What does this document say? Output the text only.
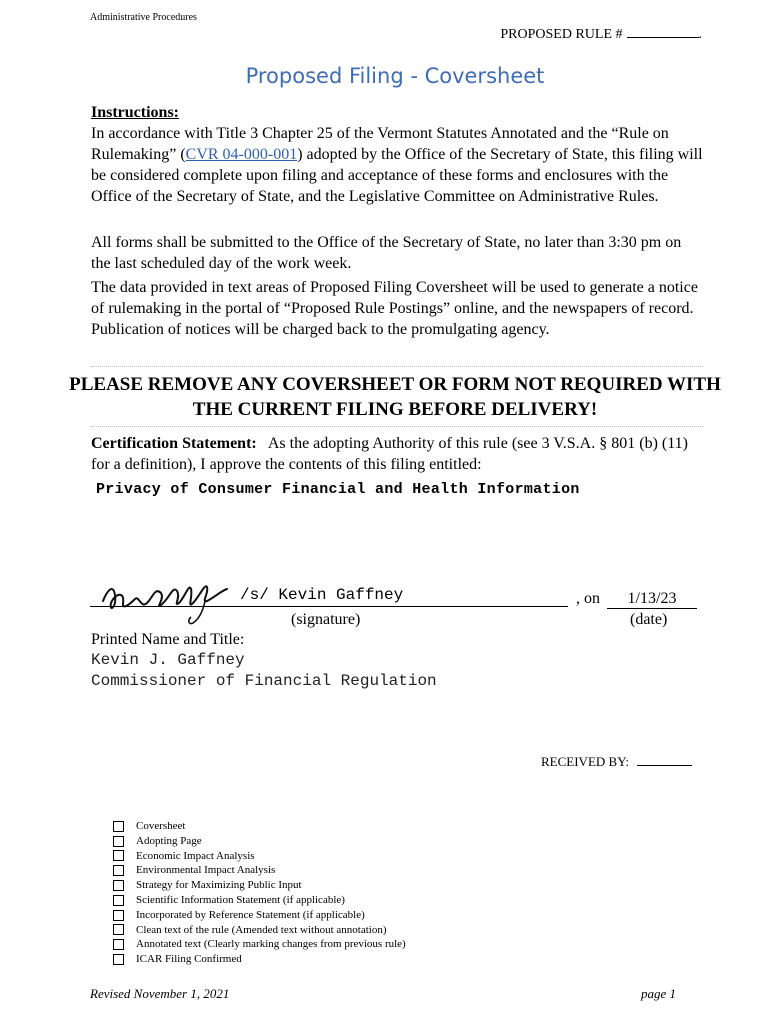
Administrative Procedures
PROPOSED RULE #	.
Proposed Filing - Coversheet
Instructions:
In accordance with Title 3 Chapter 25 of the Vermont Statutes Annotated and the “Rule on Rulemaking” (CVR 04-000-001) adopted by the Office of the Secretary of State, this filing will be considered complete upon filing and acceptance of these forms and enclosures with the Office of the Secretary of State, and the Legislative Committee on Administrative Rules.
All forms shall be submitted to the Office of the Secretary of State, no later than 3:30 pm on the last scheduled day of the work week.
The data provided in text areas of Proposed Filing Coversheet will be used to generate a notice of rulemaking in the portal of “Proposed Rule Postings” online, and the newspapers of record. Publication of notices will be charged back to the promulgating agency.
PLEASE REMOVE ANY COVERSHEET OR FORM NOT REQUIRED WITH THE CURRENT FILING BEFORE DELIVERY!
Certification Statement: As the adopting Authority of this rule (see 3 V.S.A. § 801 (b) (11) for a definition), I approve the contents of this filing entitled:
Privacy of Consumer Financial and Health Information
/s/ Kevin Gaffney	, on	1/13/23
(signature)	(date)
Printed Name and Title:
Kevin J. Gaffney
Commissioner of Financial Regulation
RECEIVED BY:
Coversheet
Adopting Page
Economic Impact Analysis
Environmental Impact Analysis
Strategy for Maximizing Public Input
Scientific Information Statement (if applicable)
Incorporated by Reference Statement (if applicable)
Clean text of the rule (Amended text without annotation)
Annotated text (Clearly marking changes from previous rule)
ICAR Filing Confirmed
Revised November 1, 2021	page 1
